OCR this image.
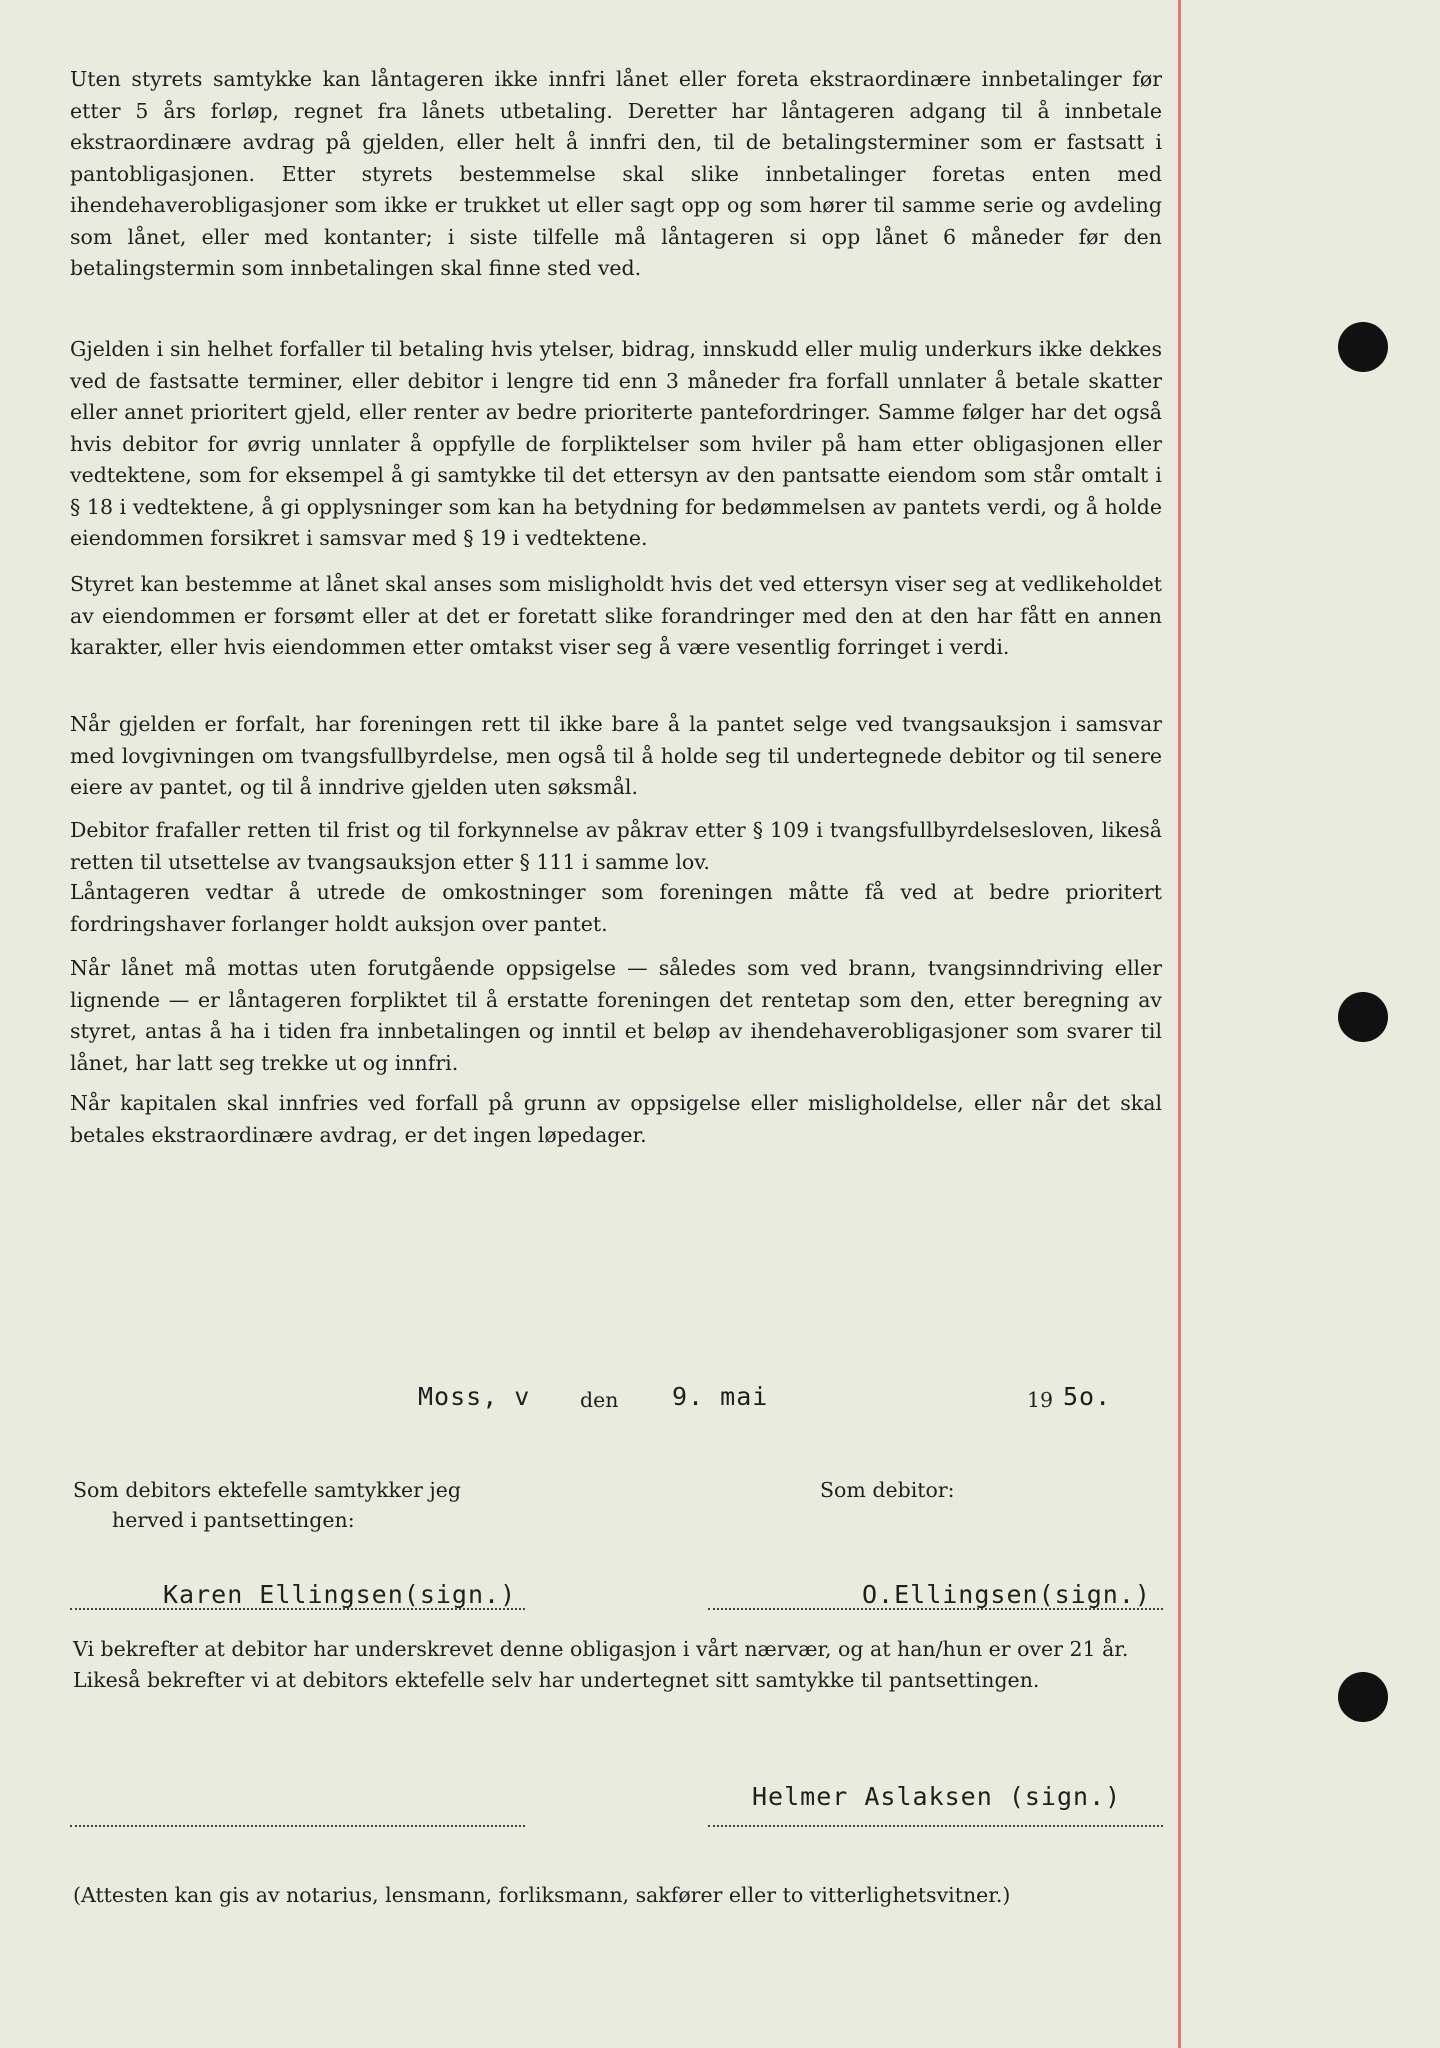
Uten styrets samtykke kan låntageren ikke innfri lånet eller foreta ekstraordinære innbetalinger før etter 5 års forløp, regnet fra lånets utbetaling. Deretter har låntageren adgang til å innbetale ekstraordinære avdrag på gjelden, eller helt å innfri den, til de betalingsterminer som er fastsatt i pantobligasjonen. Etter styrets bestemmelse skal slike innbetalinger foretas enten med ihendehaverobligasjoner som ikke er trukket ut eller sagt opp og som hører til samme serie og avdeling som lånet, eller med kontanter; i siste tilfelle må låntageren si opp lånet 6 måneder før den betalingstermin som innbetalingen skal finne sted ved.

Gjelden i sin helhet forfaller til betaling hvis ytelser, bidrag, innskudd eller mulig underkurs ikke dekkes ved de fastsatte terminer, eller debitor i lengre tid enn 3 måneder fra forfall unnlater å betale skatter eller annet prioritert gjeld, eller renter av bedre prioriterte pantefordringer. Samme følger har det også hvis debitor for øvrig unnlater å oppfylle de forpliktelser som hviler på ham etter obligasjonen eller vedtektene, som for eksempel å gi samtykke til det ettersyn av den pantsatte eiendom som står omtalt i § 18 i vedtektene, å gi opplysninger som kan ha betydning for bedømmelsen av pantets verdi, og å holde eiendommen forsikret i samsvar med § 19 i vedtektene.

Styret kan bestemme at lånet skal anses som misligholdt hvis det ved ettersyn viser seg at vedlikeholdet av eiendommen er forsømt eller at det er foretatt slike forandringer med den at den har fått en annen karakter, eller hvis eiendommen etter omtakst viser seg å være vesentlig forringet i verdi.

Når gjelden er forfalt, har foreningen rett til ikke bare å la pantet selge ved tvangsauksjon i samsvar med lovgivningen om tvangsfullbyrdelse, men også til å holde seg til undertegnede debitor og til senere eiere av pantet, og til å inndrive gjelden uten søksmål.

Debitor frafaller retten til frist og til forkynnelse av påkrav etter § 109 i tvangsfullbyrdelsesloven, likeså retten til utsettelse av tvangsauksjon etter § 111 i samme lov.

Låntageren vedtar å utrede de omkostninger som foreningen måtte få ved at bedre prioritert fordringshaver forlanger holdt auksjon over pantet.

Når lånet må mottas uten forutgående oppsigelse — således som ved brann, tvangsinndriving eller lignende — er låntageren forpliktet til å erstatte foreningen det rentetap som den, etter beregning av styret, antas å ha i tiden fra innbetalingen og inntil et beløp av ihendehaverobligasjoner som svarer til lånet, har latt seg trekke ut og innfri.

Når kapitalen skal innfries ved forfall på grunn av oppsigelse eller misligholdelse, eller når det skal betales ekstraordinære avdrag, er det ingen løpedager.

Moss, v den 9. mai	19 5o.
Som debitors ektefelle samtykker jeg
herved i pantsettingen:
Som debitor:
Karen Ellingsen(sign.)	O.Ellingsen(sign.)
Vi bekrefter at debitor har underskrevet denne obligasjon i vårt nærvær, og at han/hun er over 21 år.
Likeså bekrefter vi at debitors ektefelle selv har undertegnet sitt samtykke til pantsettingen.
Helmer Aslaksen (sign.)
(Attesten kan gis av notarius, lensmann, forliksmann, sakfører eller to vitterlighetsvitner.)
